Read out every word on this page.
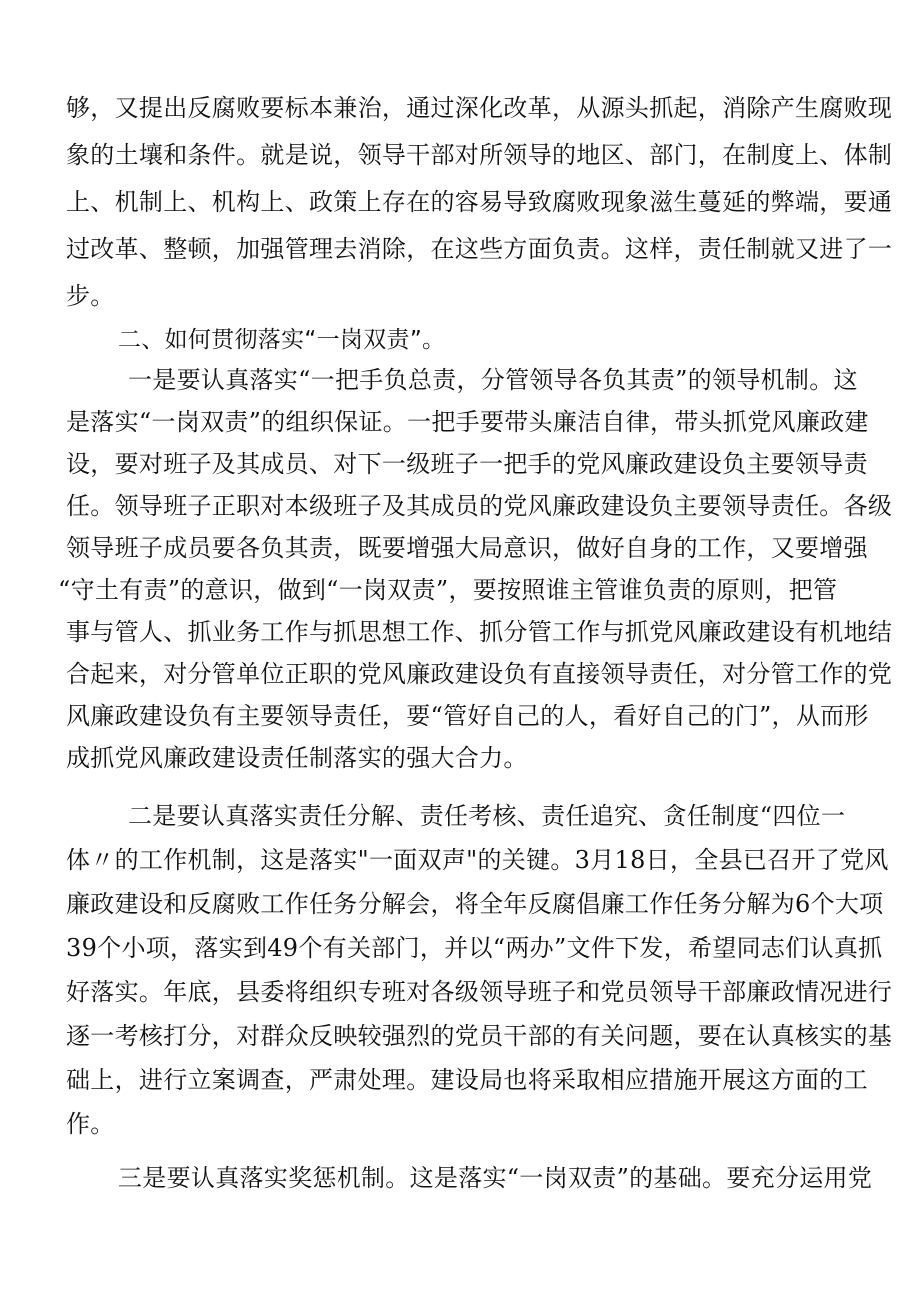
够，又提出反腐败要标本兼治，通过深化改革，从源头抓起，消除产生腐败现
象的土壤和条件。就是说，领导干部对所领导的地区、部门，在制度上、体制
上、机制上、机构上、政策上存在的容易导致腐败现象滋生蔓延的弊端，要通
过改革、整顿，加强管理去消除，在这些方面负责。这样，责任制就又进了一
步。
二、如何贯彻落实“一岗双责”。
一是要认真落实“一把手负总责，分管领导各负其责”的领导机制。这
是落实“一岗双责”的组织保证。一把手要带头廉洁自律，带头抓党风廉政建
设，要对班子及其成员、对下一级班子一把手的党风廉政建设负主要领导责
任。领导班子正职对本级班子及其成员的党风廉政建设负主要领导责任。各级
领导班子成员要各负其责，既要增强大局意识，做好自身的工作，又要增强
“守土有责”的意识，做到“一岗双责”，要按照谁主管谁负责的原则，把管
事与管人、抓业务工作与抓思想工作、抓分管工作与抓党风廉政建设有机地结
合起来，对分管单位正职的党风廉政建设负有直接领导责任，对分管工作的党
风廉政建设负有主要领导责任，要“管好自己的人，看好自己的门”，从而形
成抓党风廉政建设责任制落实的强大合力。
二是要认真落实责任分解、责任考核、责任追究、贪任制度“四位一
体〃的工作机制，这是落实"一面双声"的关键。3月18日，全县已召开了党风
廉政建设和反腐败工作任务分解会，将全年反腐倡廉工作任务分解为6个大项
39个小项，落实到49个有关部门，并以“两办”文件下发，希望同志们认真抓
好落实。年底，县委将组织专班对各级领导班子和党员领导干部廉政情况进行
逐一考核打分，对群众反映较强烈的党员干部的有关问题，要在认真核实的基
础上，进行立案调查，严肃处理。建设局也将采取相应措施开展这方面的工
作。
三是要认真落实奖惩机制。这是落实“一岗双责”的基础。要充分运用党
